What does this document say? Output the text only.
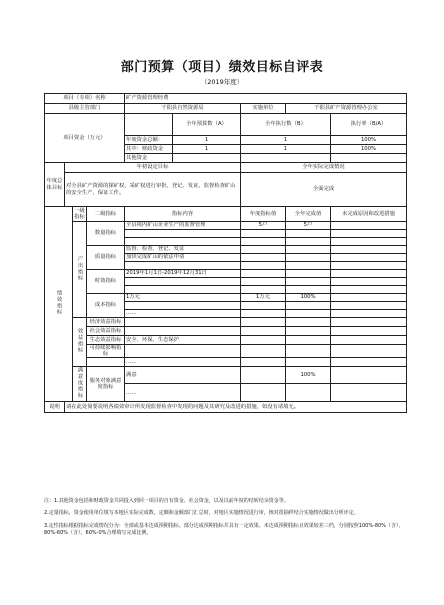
部门预算（项目）绩效目标自评表
（2019年度）
项目（专项）名称				矿产资源管理经费				
县级主管部门				千阳县自然资源局		实施单位	千阳县矿产资源管理办公室	
项目资金（万元）					全年预算数（A）	全年执行数（B）		执行率（B/A）
				年度资金总额：	1	1		100%
				其中：财政资金	1	1		100%
				其他资金				
年度总体目标	年初设定目标					全年实际完成情况		
	对全县矿产资源的探矿权、采矿权进行审批、登记、发证，监督检查矿山的安全生产，保证工作。					全面完成		
绩效指标		一级指标	二级指标	指标内容		年度指标值	全年完成值	未完成原因和改进措施
		产出指标	数量指标	全县境内矿山企业生产的监督管理		5户	5户	

			质量指标	监督、检查、登记、发证				
				加快完成矿山的依法申请				

			时效指标	2019年1月1日-2019年12月31日				

			成本指标	1万元		1万元	100%	

				……				
		效益指标	经济效益指标					
			社会效益指标					
			生态效益指标	安全、环保、生态保护				
			可持续影响指标					
				……				
		满意度指标	服务对象满意度指标	满意			100%	
				……				
说明	请在此处简要说明各绩效审计所发现监督检查中发现的问题及其研究及改进的措施，如没有请填无。							

注：1.其他资金包括和财政资金共同投入到同一项目的自有资金、社会资金，以及以前年度的结转结余资金等。

2.定量指标，资金使用单位填写本地区实际完成数。定额和金额部门汇总时，对地区实施情况进行审，核对很抽样结合实施情况做出分析评定。

3.定性指标根据指标完成情况分为：全部或基本达成预期指标、部分达成预期指标并具有一定效果、未达成预期指标且效果较差三档，分别按照100%-80%（含）、80%-60%（含）、60%-0%合理填写完成比例。
